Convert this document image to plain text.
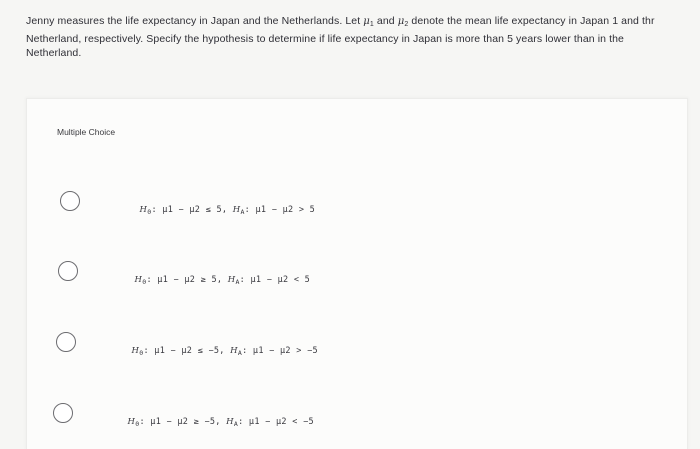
Jenny measures the life expectancy in Japan and the Netherlands. Let $\mu_1$ and $\mu_2$ denote the mean life expectancy in Japan 1 and thr Netherland, respectively. Specify the hypothesis to determine if life expectancy in Japan is more than 5 years lower than in the Netherland.
Multiple Choice

$H_0$: μ1 − μ2 ≤ 5, $H_A$: μ1 − μ2 > 5

$H_0$: μ1 − μ2 ≥ 5, $H_A$: μ1 − μ2 < 5

$H_0$: μ1 − μ2 ≤ −5, $H_A$: μ1 − μ2 > −5

$H_0$: μ1 − μ2 ≥ −5, $H_A$: μ1 − μ2 < −5
